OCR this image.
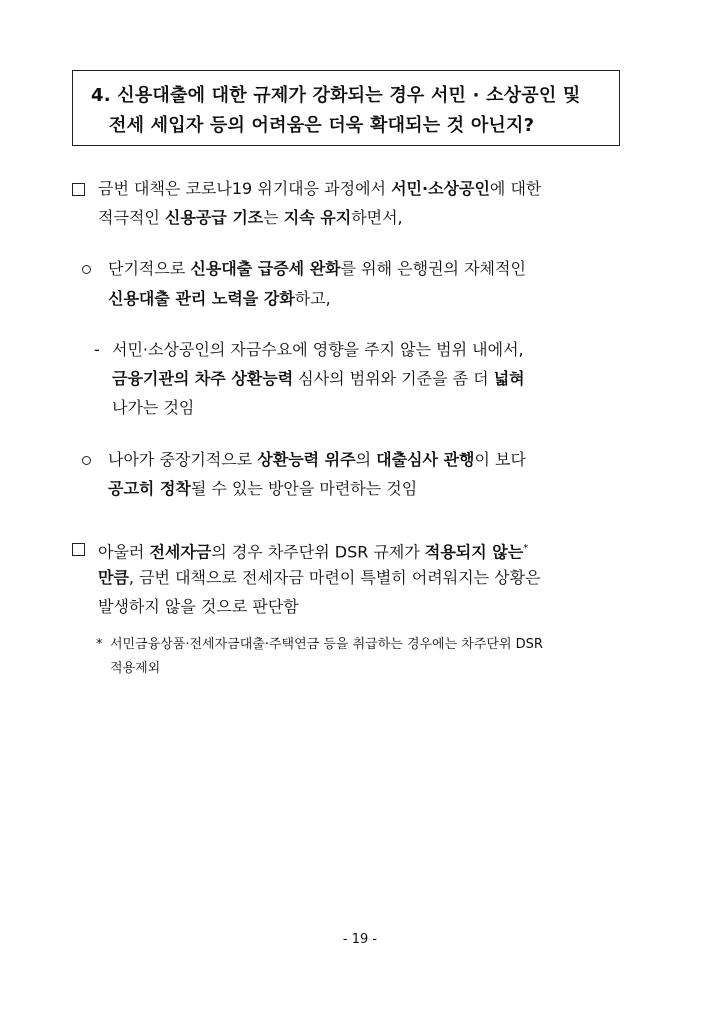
4. 신용대출에 대한 규제가 강화되는 경우 서민 · 소상공인 및
전세 세입자 등의 어려움은 더욱 확대되는 것 아닌지?
금번 대책은 코로나19 위기대응 과정에서 서민·소상공인에 대한
적극적인 신용공급 기조는 지속 유지하면서,
단기적으로 신용대출 급증세 완화를 위해 은행권의 자체적인
신용대출 관리 노력을 강화하고,
- 서민·소상공인의 자금수요에 영향을 주지 않는 범위 내에서,
금융기관의 차주 상환능력 심사의 범위와 기준을 좀 더 넓혀
나가는 것임
나아가 중장기적으로 상환능력 위주의 대출심사 관행이 보다
공고히 정착될 수 있는 방안을 마련하는 것임
아울러 전세자금의 경우 차주단위 DSR 규제가 적용되지 않는*
만큼, 금번 대책으로 전세자금 마련이 특별히 어려워지는 상황은
발생하지 않을 것으로 판단함
* 서민금융상품·전세자금대출·주택연금 등을 취급하는 경우에는 차주단위 DSR
적용제외
- 19 -
